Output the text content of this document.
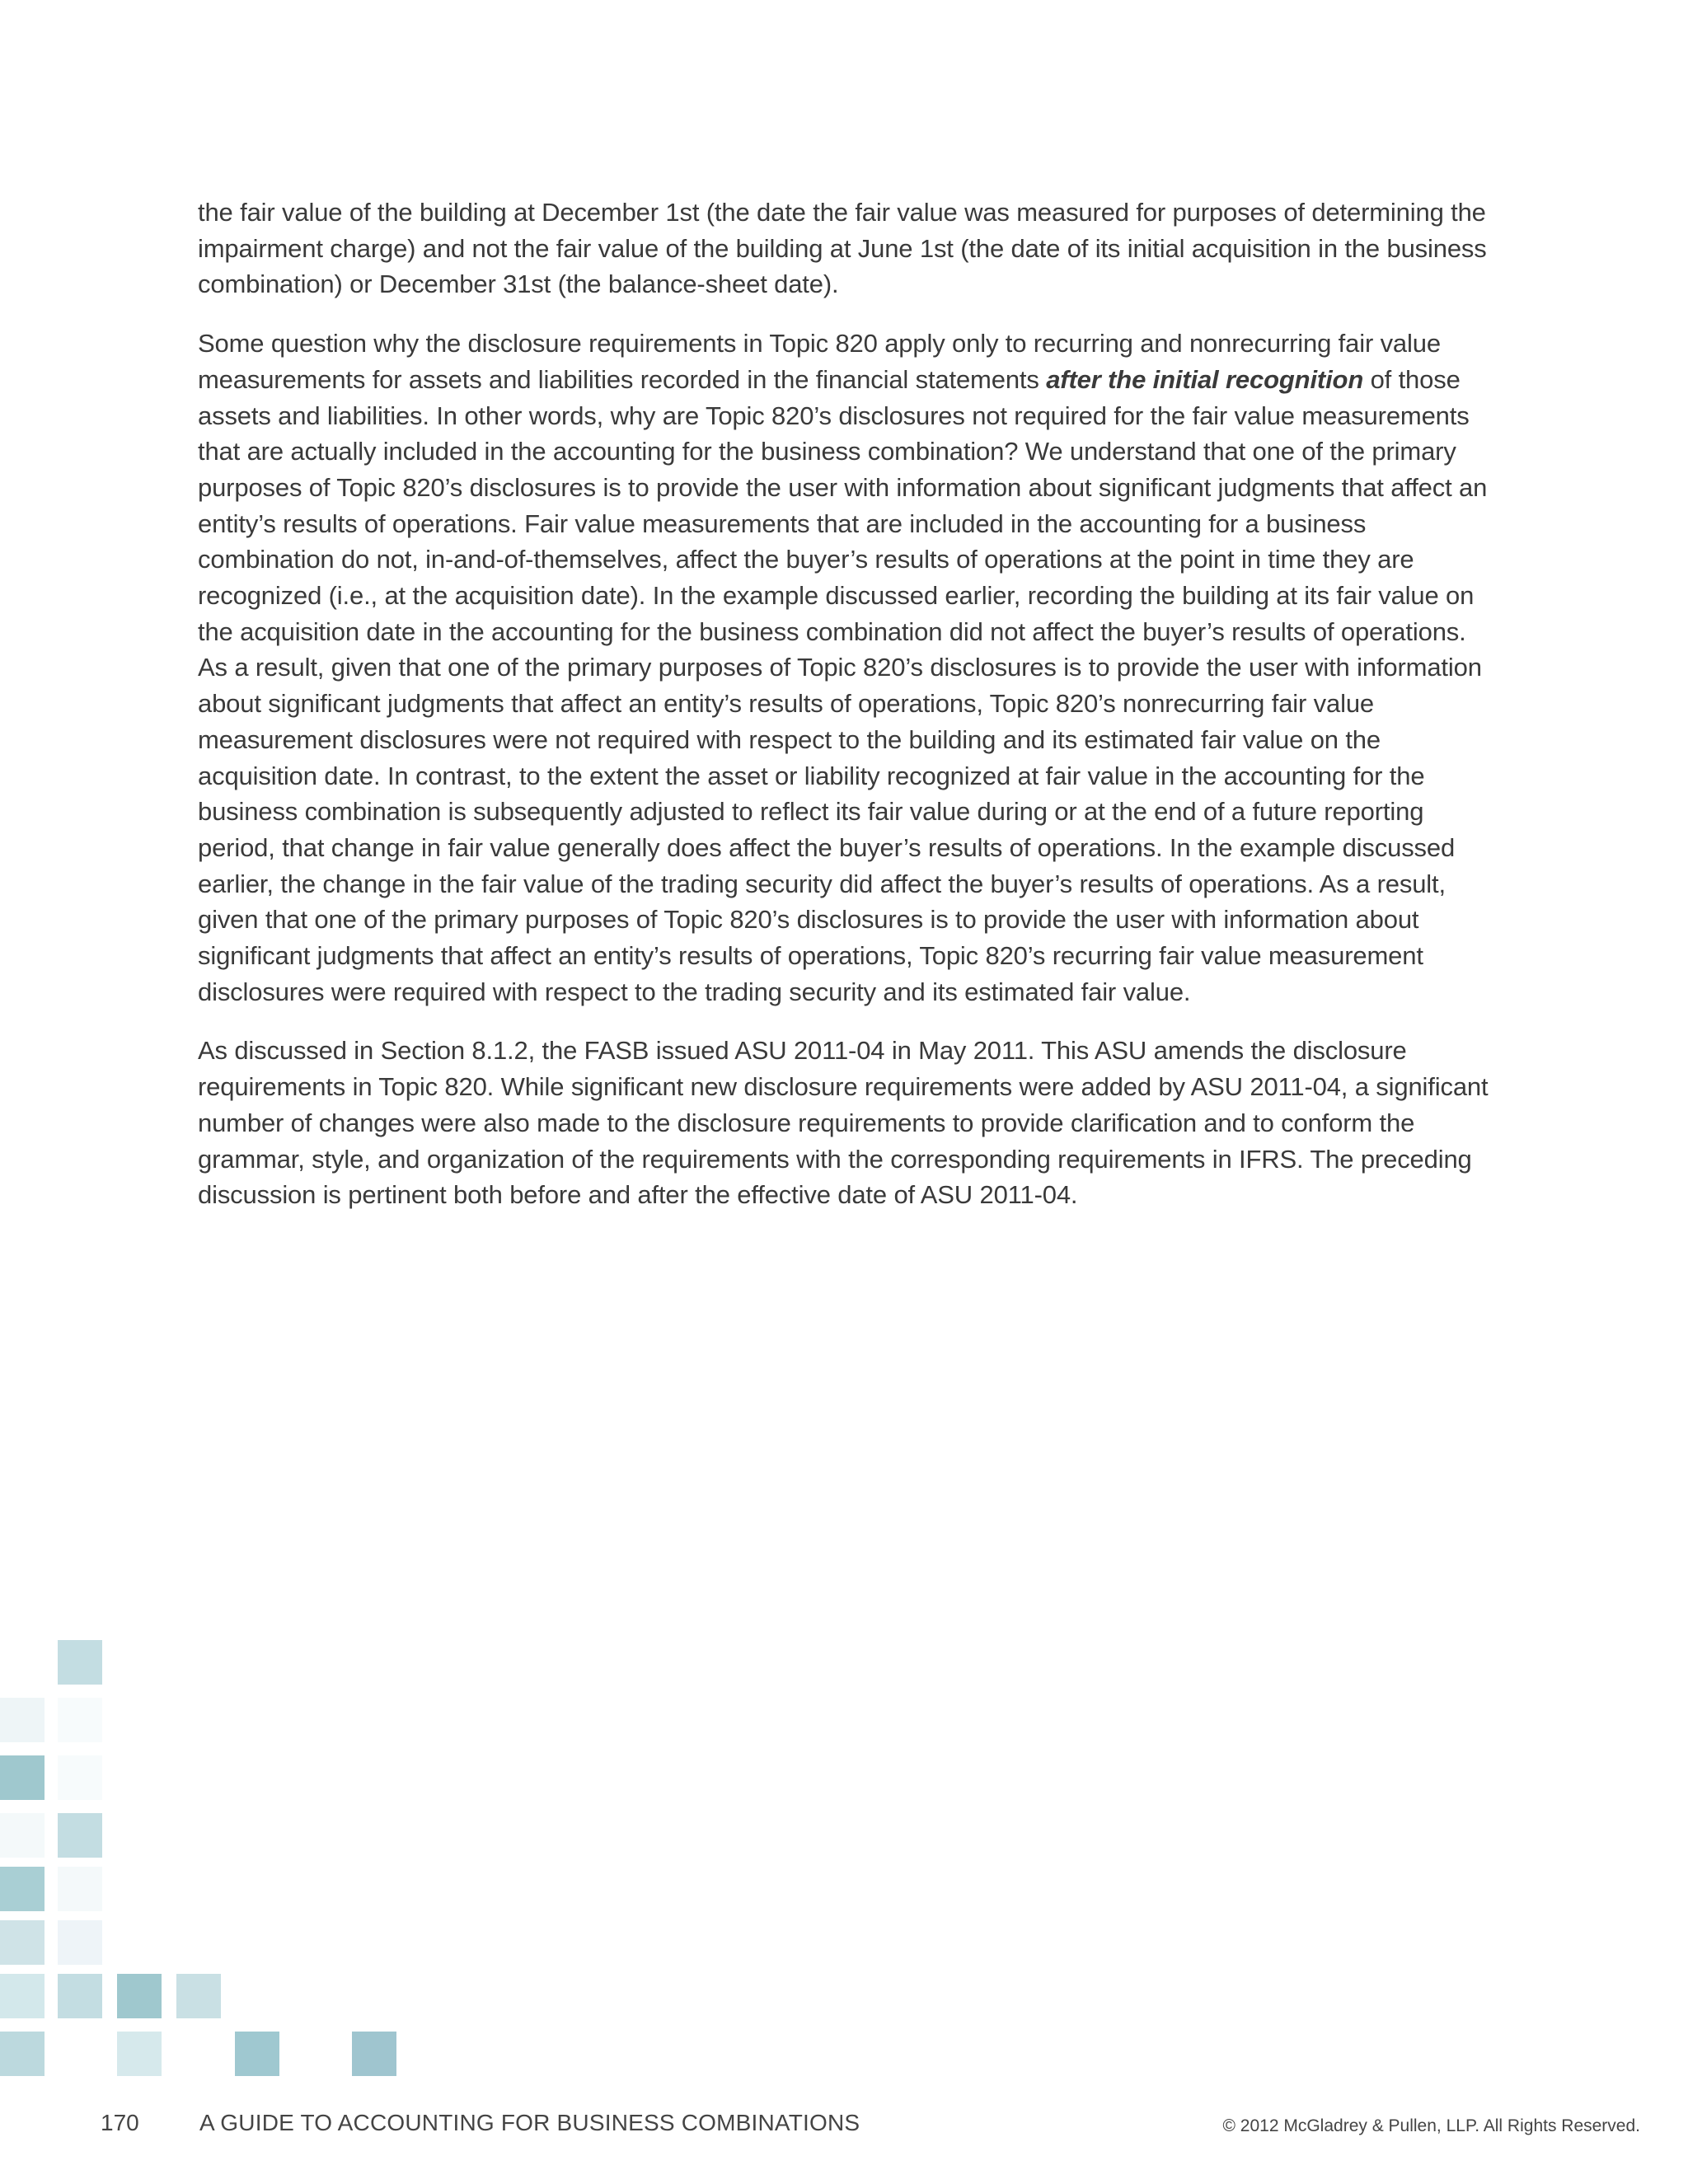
the fair value of the building at December 1st (the date the fair value was measured for purposes of determining the impairment charge) and not the fair value of the building at June 1st (the date of its initial acquisition in the business combination) or December 31st (the balance-sheet date).

Some question why the disclosure requirements in Topic 820 apply only to recurring and nonrecurring fair value measurements for assets and liabilities recorded in the financial statements after the initial recognition of those assets and liabilities. In other words, why are Topic 820’s disclosures not required for the fair value measurements that are actually included in the accounting for the business combination? We understand that one of the primary purposes of Topic 820’s disclosures is to provide the user with information about significant judgments that affect an entity’s results of operations. Fair value measurements that are included in the accounting for a business combination do not, in-and-of-themselves, affect the buyer’s results of operations at the point in time they are recognized (i.e., at the acquisition date). In the example discussed earlier, recording the building at its fair value on the acquisition date in the accounting for the business combination did not affect the buyer’s results of operations. As a result, given that one of the primary purposes of Topic 820’s disclosures is to provide the user with information about significant judgments that affect an entity’s results of operations, Topic 820’s nonrecurring fair value measurement disclosures were not required with respect to the building and its estimated fair value on the acquisition date. In contrast, to the extent the asset or liability recognized at fair value in the accounting for the business combination is subsequently adjusted to reflect its fair value during or at the end of a future reporting period, that change in fair value generally does affect the buyer’s results of operations. In the example discussed earlier, the change in the fair value of the trading security did affect the buyer’s results of operations. As a result, given that one of the primary purposes of Topic 820’s disclosures is to provide the user with information about significant judgments that affect an entity’s results of operations, Topic 820’s recurring fair value measurement disclosures were required with respect to the trading security and its estimated fair value.

As discussed in Section 8.1.2, the FASB issued ASU 2011-04 in May 2011. This ASU amends the disclosure requirements in Topic 820. While significant new disclosure requirements were added by ASU 2011-04, a significant number of changes were also made to the disclosure requirements to provide clarification and to conform the grammar, style, and organization of the requirements with the corresponding requirements in IFRS. The preceding discussion is pertinent both before and after the effective date of ASU 2011-04.

170	A GUIDE TO ACCOUNTING FOR BUSINESS COMBINATIONS	© 2012 McGladrey & Pullen, LLP. All Rights Reserved.
